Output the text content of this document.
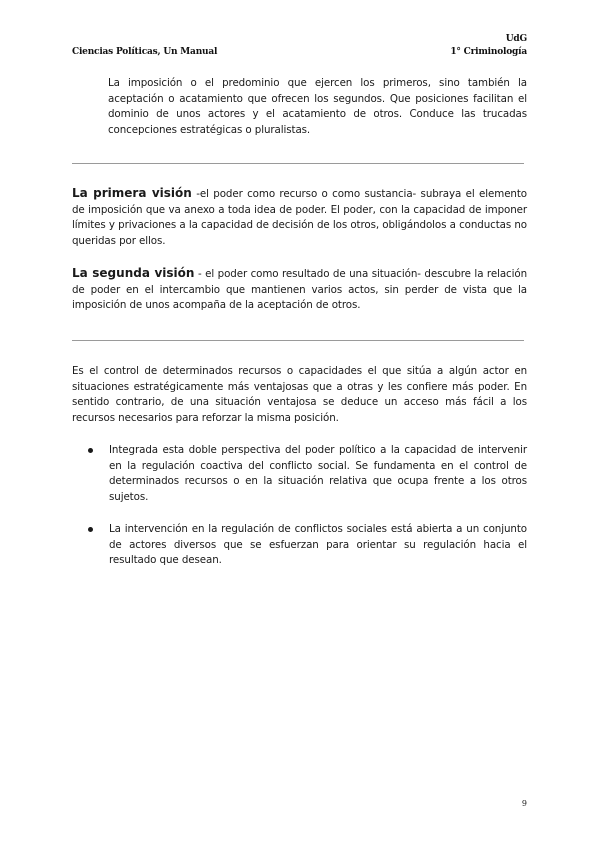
Ciencias Políticas, Un Manual
UdG
1° Criminología
La imposición o el predominio que ejercen los primeros, sino también la aceptación o acatamiento que ofrecen los segundos. Que posiciones facilitan el dominio de unos actores y el acatamiento de otros. Conduce las trucadas concepciones estratégicas o pluralistas.
La primera visión -el poder como recurso o como sustancia- subraya el elemento de imposición que va anexo a toda idea de poder. El poder, con la capacidad de imponer límites y privaciones a la capacidad de decisión de los otros, obligándolos a conductas no queridas por ellos.
La segunda visión - el poder como resultado de una situación- descubre la relación de poder en el intercambio que mantienen varios actos, sin perder de vista que la imposición de unos acompaña de la aceptación de otros.
Es el control de determinados recursos o capacidades el que sitúa a algún actor en situaciones estratégicamente más ventajosas que a otras y les confiere más poder. En sentido contrario, de una situación ventajosa se deduce un acceso más fácil a los recursos necesarios para reforzar la misma posición.
Integrada esta doble perspectiva del poder político a la capacidad de intervenir en la regulación coactiva del conflicto social. Se fundamenta en el control de determinados recursos o en la situación relativa que ocupa frente a los otros sujetos.
La intervención en la regulación de conflictos sociales está abierta a un conjunto de actores diversos que se esfuerzan para orientar su regulación hacia el resultado que desean.
9
